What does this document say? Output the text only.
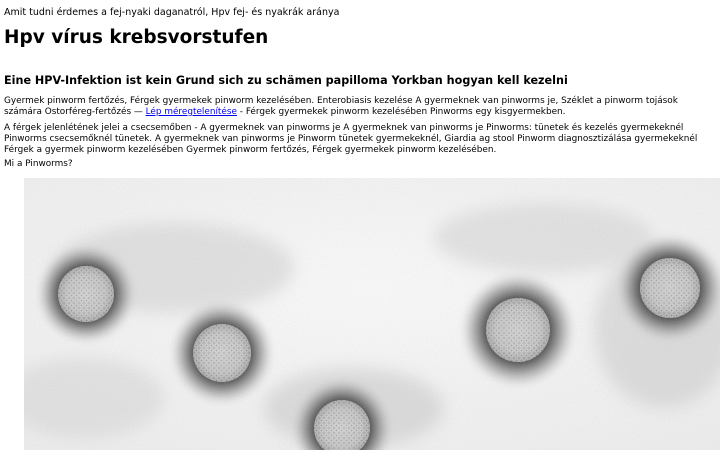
Amit tudni érdemes a fej-nyaki daganatról, Hpv fej- és nyakrák aránya
Hpv vírus krebsvorstufen
Eine HPV-Infektion ist kein Grund sich zu schämen papilloma Yorkban hogyan kell kezelni

Gyermek pinworm fertőzés, Férgek gyermekek pinworm kezelésében. Enterobiasis kezelése A gyermeknek van pinworms je, Széklet a pinworm tojások számára Ostorféreg-fertőzés — Lép méregtelenítése - Férgek gyermekek pinworm kezelésében Pinworms egy kisgyermekben.

A férgek jelenlétének jelei a csecsemőben - A gyermeknek van pinworms je A gyermeknek van pinworms je Pinworms: tünetek és kezelés gyermekeknél Pinworms csecsemőknél tünetek. A gyermeknek van pinworms je Pinworm tünetek gyermekeknél, Giardia ag stool Pinworm diagnosztizálása gyermekeknél Férgek a gyermek pinworm kezelésében Gyermek pinworm fertőzés, Férgek gyermekek pinworm kezelésében.

Mi a Pinworms?
